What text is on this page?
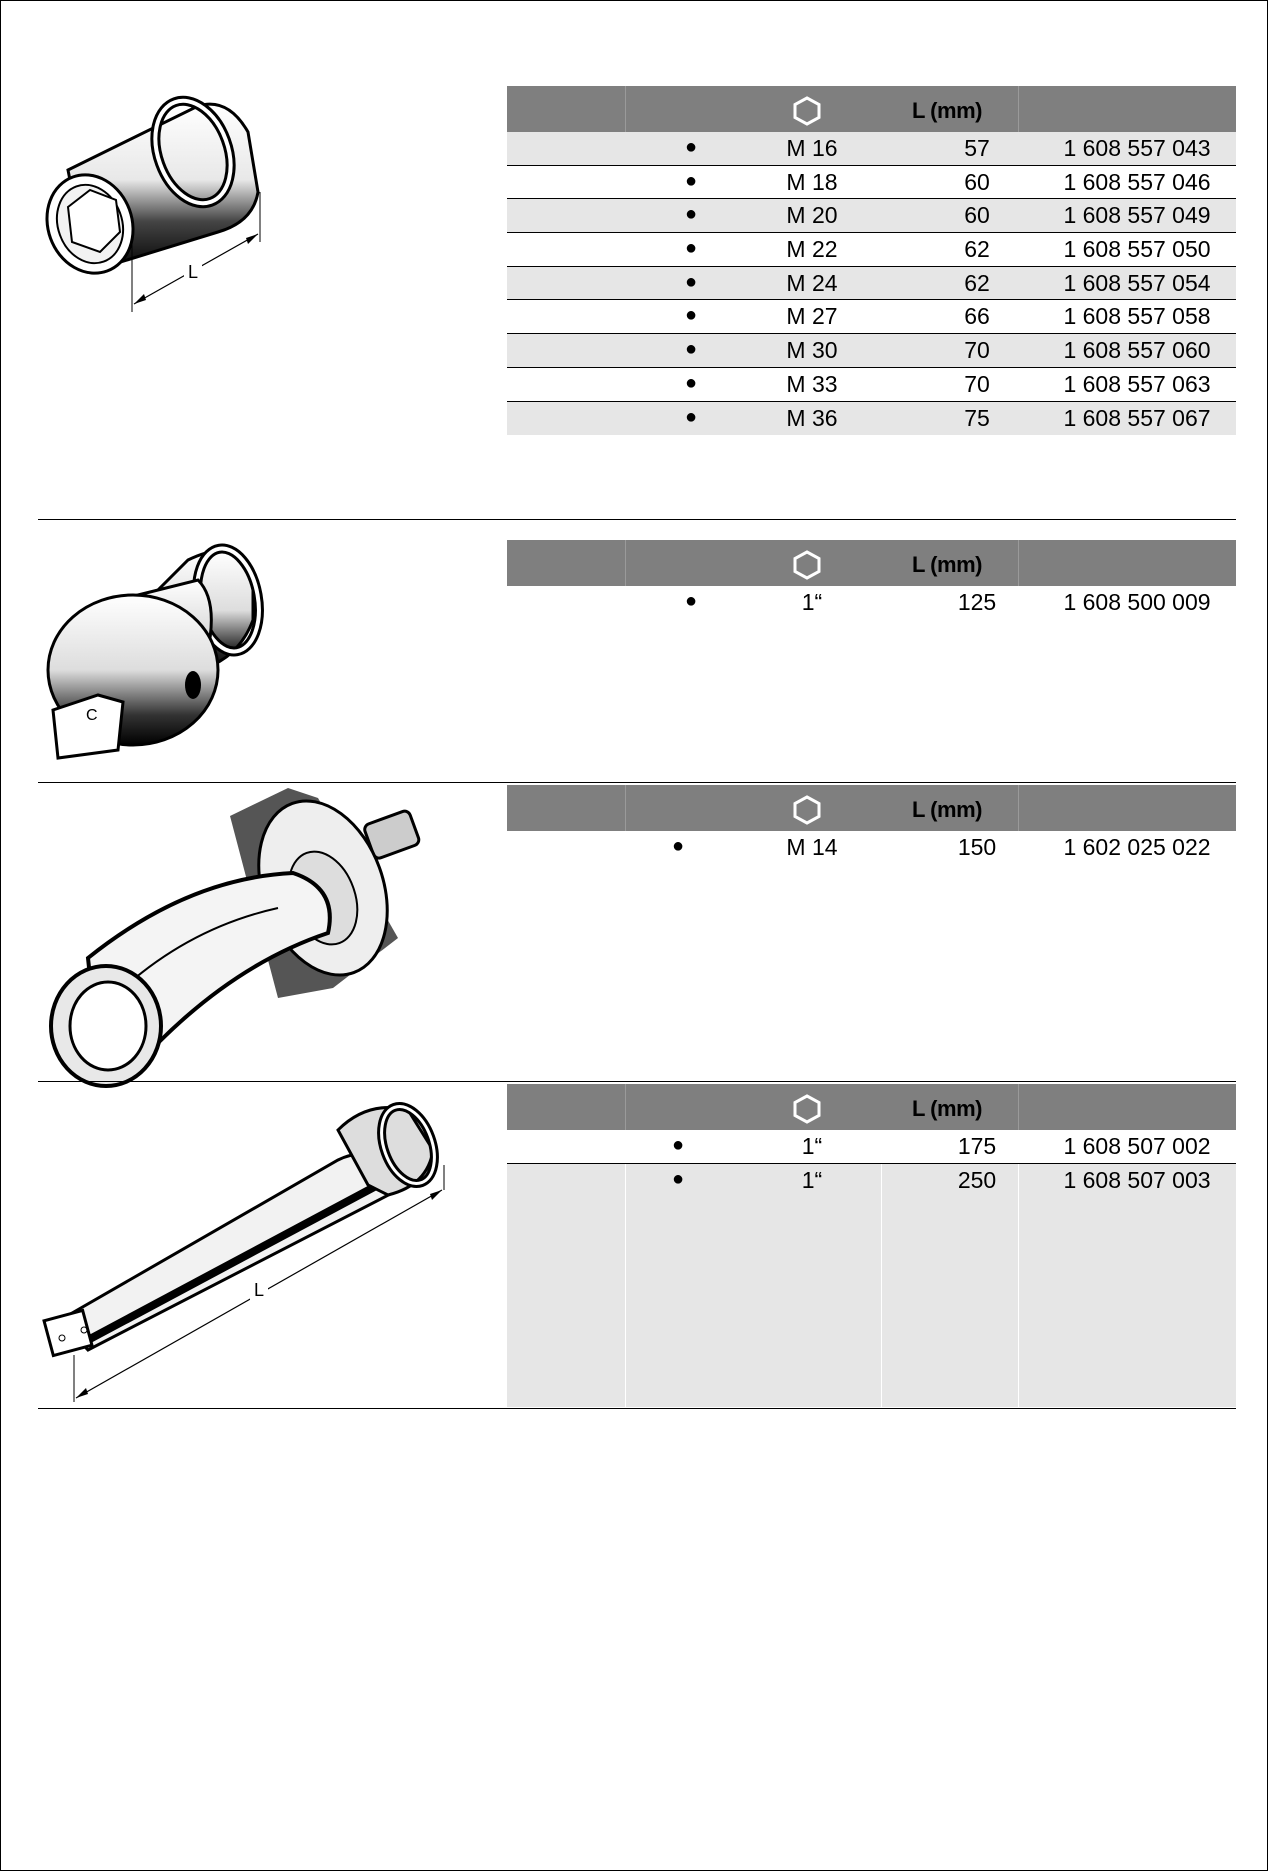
L
L (mm)
●	M 16	57	1 608 557 043
●	M 18	60	1 608 557 046
●	M 20	60	1 608 557 049
●	M 22	62	1 608 557 050
●	M 24	62	1 608 557 054
●	M 27	66	1 608 557 058
●	M 30	70	1 608 557 060
●	M 33	70	1 608 557 063
●	M 36	75	1 608 557 067
C
L (mm)
●	1“	125	1 608 500 009
L (mm)
●	M 14	150	1 602 025 022
L
L (mm)
●	1“	175	1 608 507 002
●	1“	250	1 608 507 003
